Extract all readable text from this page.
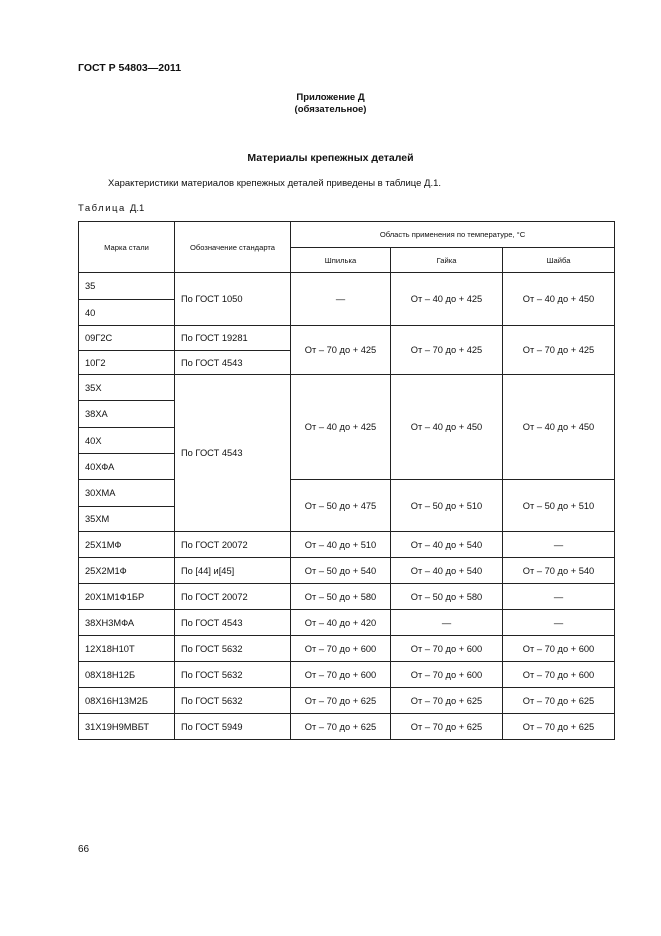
ГОСТ Р 54803—2011
Приложение Д
(обязательное)
Материалы крепежных деталей
Характеристики материалов крепежных деталей приведены в таблице Д.1.
Таблица Д.1
Марка стали	Обозначение стандарта	Область применения по температуре, °С		
		Шпилька	Гайка	Шайба
35	По ГОСТ 1050	—	От – 40 до + 425	От – 40 до + 450
40				
09Г2С	По ГОСТ 19281	От – 70 до + 425	От – 70 до + 425	От – 70 до + 425
10Г2	По ГОСТ 4543			
35Х	По ГОСТ 4543	От – 40 до + 425	От – 40 до + 450	От – 40 до + 450
38ХА				
40Х				
40ХФА				
30ХМА		От – 50 до + 475	От – 50 до + 510	От – 50 до + 510
35ХМ				
25Х1МФ	По ГОСТ 20072	От – 40 до + 510	От – 40 до + 540	—
25Х2М1Ф	По [44] и[45]	От – 50 до + 540	От – 40 до + 540	От – 70 до + 540
20Х1М1Ф1БР	По ГОСТ 20072	От – 50 до + 580	От – 50 до + 580	—
38ХН3МФА	По ГОСТ 4543	От – 40 до + 420	—	—
12Х18Н10Т	По ГОСТ 5632	От – 70 до + 600	От – 70 до + 600	От – 70 до + 600
08Х18Н12Б	По ГОСТ 5632	От – 70 до + 600	От – 70 до + 600	От – 70 до + 600
08Х16Н13М2Б	По ГОСТ 5632	От – 70 до + 625	От – 70 до + 625	От – 70 до + 625
31Х19Н9МВБТ	По ГОСТ 5949	От – 70 до + 625	От – 70 до + 625	От – 70 до + 625
66
